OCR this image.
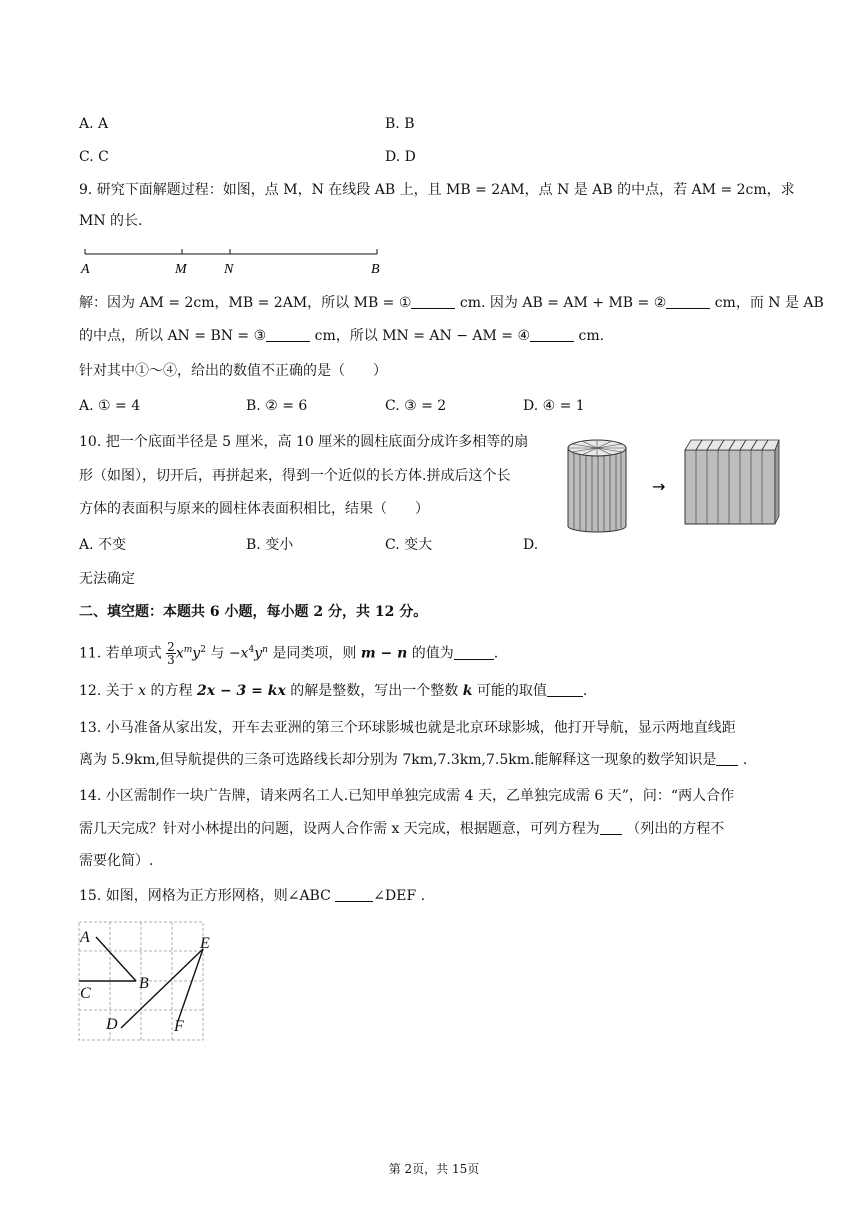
A. A	B. B
C. C	D. D
9. 研究下面解题过程：如图，点 M，N 在线段 AB 上，且 MB = 2AM，点 N 是 AB 的中点，若 AM = 2cm，求
MN 的长.
A	M	N	B
解：因为 AM = 2cm，MB = 2AM，所以 MB = ①	cm. 因为 AB = AM + MB = ②	cm，而 N 是 AB
的中点，所以 AN = BN = ③	cm，所以 MN = AN − AM = ④	cm.
针对其中①～④，给出的数值不正确的是（　　）
A. ① = 4	B. ② = 6	C. ③ = 2	D. ④ = 1
10. 把一个底面半径是 5 厘米，高 10 厘米的圆柱底面分成许多相等的扇
形（如图），切开后，再拼起来，得到一个近似的长方体.拼成后这个长
方体的表面积与原来的圆柱体表面积相比，结果（　　）
→
A. 不变	B. 变小	C. 变大	D.
无法确定
二、填空题：本题共 6 小题，每小题 2 分，共 12 分。
11. 若单项式 $\frac{2}{3} x^my^2$ 与 $-x^4y^n$ 是同类项，则 m − n 的值为	.
12. 关于 x 的方程 2x − 3 = kx 的解是整数，写出一个整数 k 可能的取值	.
13. 小马准备从家出发，开车去亚洲的第三个环球影城也就是北京环球影城，他打开导航，显示两地直线距
离为 5.9km,但导航提供的三条可选路线长却分别为 7km,7.3km,7.5km.能解释这一现象的数学知识是 .
14. 小区需制作一块广告牌，请来两名工人.已知甲单独完成需 4 天，乙单独完成需 6 天”，问：“两人合作
需几天完成？针对小林提出的问题，设两人合作需 x 天完成，根据题意，可列方程为 （列出的方程不
需要化简）.
15. 如图，网格为正方形网格，则∠ABC	∠DEF .
A
B
C
D
E
F
第 2页，共 15页
